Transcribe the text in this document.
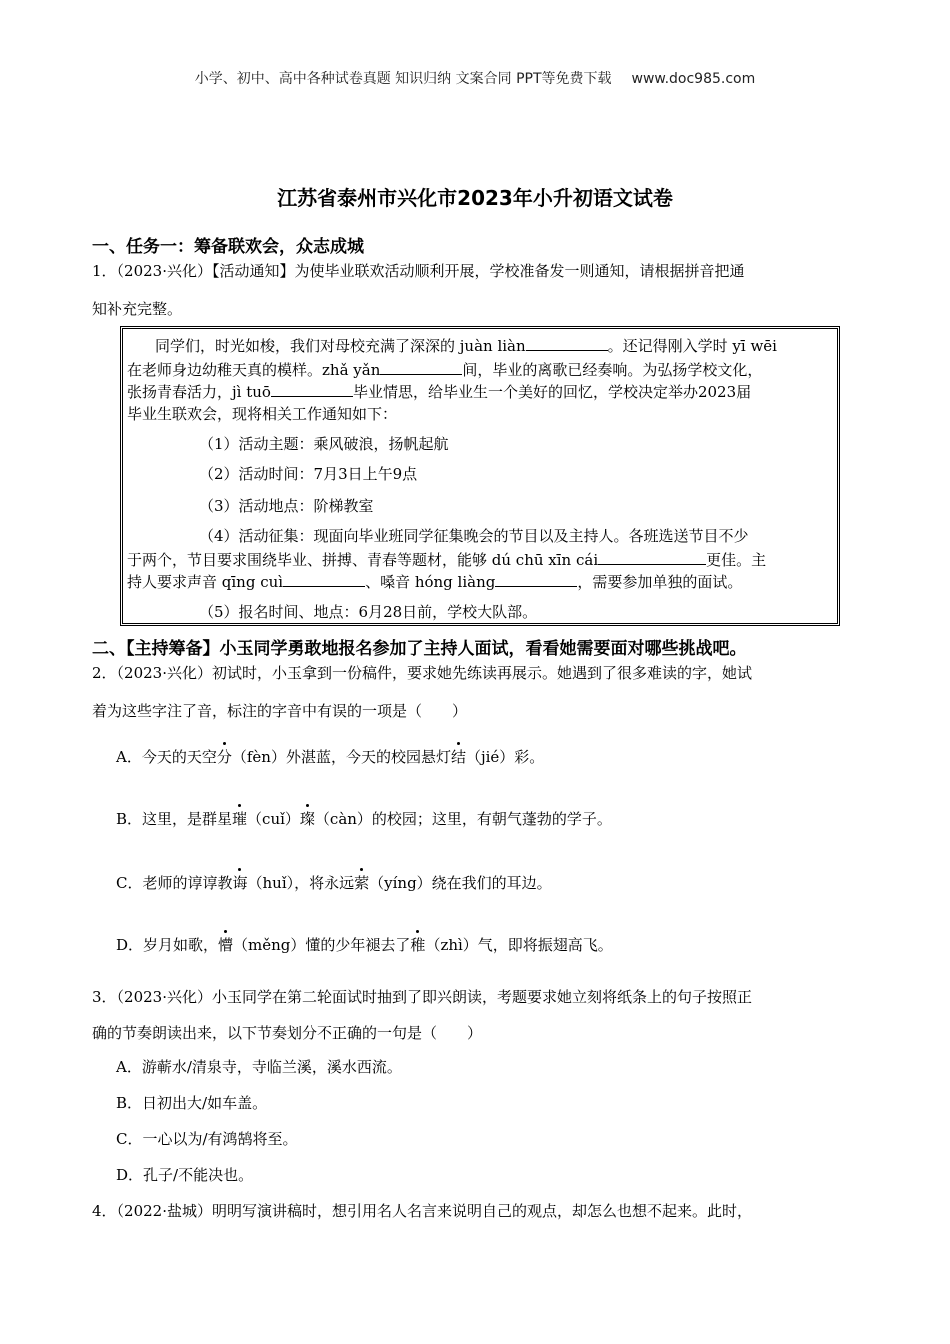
小学、初中、高中各种试卷真题 知识归纳 文案合同 PPT等免费下载 www.doc985.com
江苏省泰州市兴化市2023年小升初语文试卷
一、任务一：筹备联欢会，众志成城
1．（2023·兴化）【活动通知】为使毕业联欢活动顺利开展，学校准备发一则通知，请根据拼音把通
知补充完整。
同学们，时光如梭，我们对母校充满了深深的 juàn liàn	。还记得刚入学时 yī wēi
在老师身边幼稚天真的模样。zhǎ yǎn	间，毕业的离歌已经奏响。为弘扬学校文化，
张扬青春活力，jì tuō	毕业情思，给毕业生一个美好的回忆，学校决定举办2023届
毕业生联欢会，现将相关工作通知如下：
（1）活动主题：乘风破浪，扬帆起航
（2）活动时间：7月3日上午9点
（3）活动地点：阶梯教室
（4）活动征集：现面向毕业班同学征集晚会的节目以及主持人。各班选送节目不少
于两个，节目要求围绕毕业、拼搏、青春等题材，能够 dú chū xīn cái	更佳。主
持人要求声音 qīng cuì	、嗓音 hóng liàng	，需要参加单独的面试。
（5）报名时间、地点：6月28日前，学校大队部。
二、【主持筹备】小玉同学勇敢地报名参加了主持人面试，看看她需要面对哪些挑战吧。
2．（2023·兴化）初试时，小玉拿到一份稿件，要求她先练读再展示。她遇到了很多难读的字，她试
着为这些字注了音，标注的字音中有误的一项是（　　）
A．今天的天空分（fèn）外湛蓝，今天的校园悬灯结（jié）彩。
B．这里，是群星璀（cuǐ）璨（càn）的校园；这里，有朝气蓬勃的学子。
C．老师的谆谆教诲（huǐ），将永远萦（yíng）绕在我们的耳边。
D．岁月如歌，懵（měng）懂的少年褪去了稚（zhì）气，即将振翅高飞。
3．（2023·兴化）小玉同学在第二轮面试时抽到了即兴朗读，考题要求她立刻将纸条上的句子按照正
确的节奏朗读出来，以下节奏划分不正确的一句是（　　）
A．游蕲水/清泉寺，寺临兰溪，溪水西流。
B．日初出大/如车盖。
C．一心以为/有鸿鹄将至。
D．孔子/不能决也。
4．（2022·盐城）明明写演讲稿时，想引用名人名言来说明自己的观点，却怎么也想不起来。此时，
